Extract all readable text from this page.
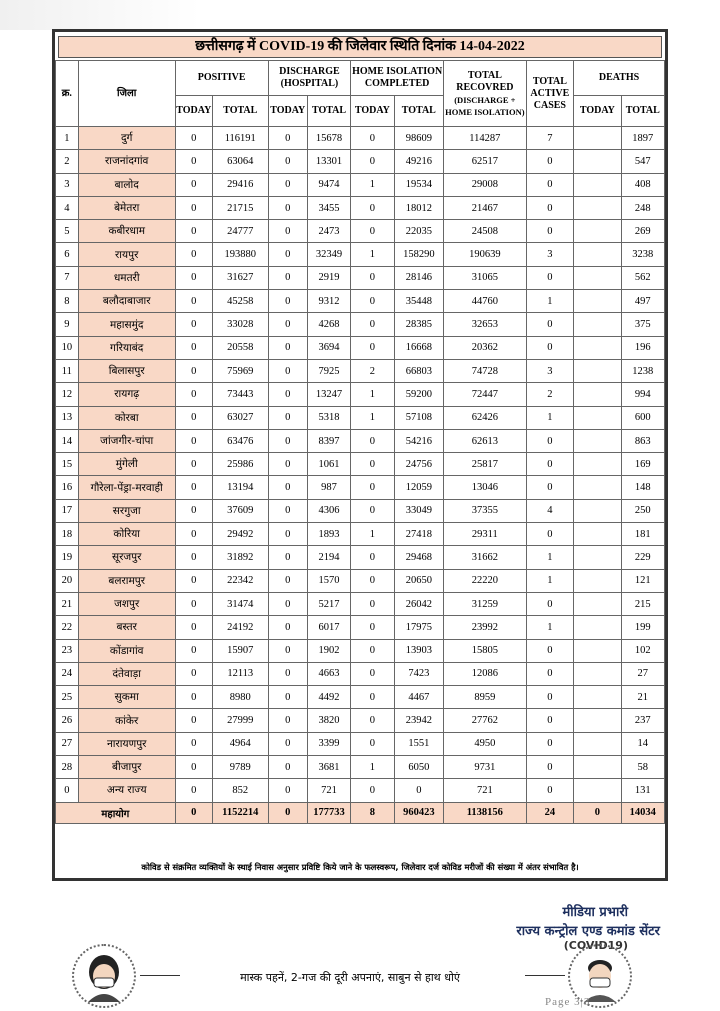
छत्तीसगढ़ में COVID-19 की जिलेवार स्थिति दिनांक 14-04-2022
क्र.	जिला	POSITIVE		DISCHARGE (HOSPITAL)		HOME ISOLATION COMPLETED		TOTAL RECOVRED
(DISCHARGE + HOME ISOLATION)	TOTAL ACTIVE CASES	DEATHS	
		TODAY	TOTAL	TODAY	TOTAL	TODAY	TOTAL			TODAY	TOTAL
1	दुर्ग	0	116191	0	15678	0	98609	114287	7		1897
2	राजनांदगांव	0	63064	0	13301	0	49216	62517	0		547
3	बालोद	0	29416	0	9474	1	19534	29008	0		408
4	बेमेतरा	0	21715	0	3455	0	18012	21467	0		248
5	कबीरधाम	0	24777	0	2473	0	22035	24508	0		269
6	रायपुर	0	193880	0	32349	1	158290	190639	3		3238
7	धमतरी	0	31627	0	2919	0	28146	31065	0		562
8	बलौदाबाजार	0	45258	0	9312	0	35448	44760	1		497
9	महासमुंद	0	33028	0	4268	0	28385	32653	0		375
10	गरियाबंद	0	20558	0	3694	0	16668	20362	0		196
11	बिलासपुर	0	75969	0	7925	2	66803	74728	3		1238
12	रायगढ़	0	73443	0	13247	1	59200	72447	2		994
13	कोरबा	0	63027	0	5318	1	57108	62426	1		600
14	जांजगीर-चांपा	0	63476	0	8397	0	54216	62613	0		863
15	मुंगेली	0	25986	0	1061	0	24756	25817	0		169
16	गौरेला-पेंड्रा-मरवाही	0	13194	0	987	0	12059	13046	0		148
17	सरगुजा	0	37609	0	4306	0	33049	37355	4		250
18	कोरिया	0	29492	0	1893	1	27418	29311	0		181
19	सूरजपुर	0	31892	0	2194	0	29468	31662	1		229
20	बलरामपुर	0	22342	0	1570	0	20650	22220	1		121
21	जशपुर	0	31474	0	5217	0	26042	31259	0		215
22	बस्तर	0	24192	0	6017	0	17975	23992	1		199
23	कोंडागांव	0	15907	0	1902	0	13903	15805	0		102
24	दंतेवाड़ा	0	12113	0	4663	0	7423	12086	0		27
25	सुकमा	0	8980	0	4492	0	4467	8959	0		21
26	कांकेर	0	27999	0	3820	0	23942	27762	0		237
27	नारायणपुर	0	4964	0	3399	0	1551	4950	0		14
28	बीजापुर	0	9789	0	3681	1	6050	9731	0		58
0	अन्य राज्य	0	852	0	721	0	0	721	0		131
महायोग		0	1152214	0	177733	8	960423	1138156	24	0	14034
कोविड से संक्रमित व्यक्तियों के स्थाई निवास अनुसार प्रविष्टि किये जाने के फलस्वरूप, जिलेवार दर्ज कोविड मरीजों की संख्या में अंतर संभावित है।
मीडिया प्रभारी
राज्य कन्ट्रोल एण्ड कमांड सेंटर
(COVID19)
मास्क पहनें, 2-गज की दूरी अपनाएं, साबुन से हाथ धोएं
Page 3|3
